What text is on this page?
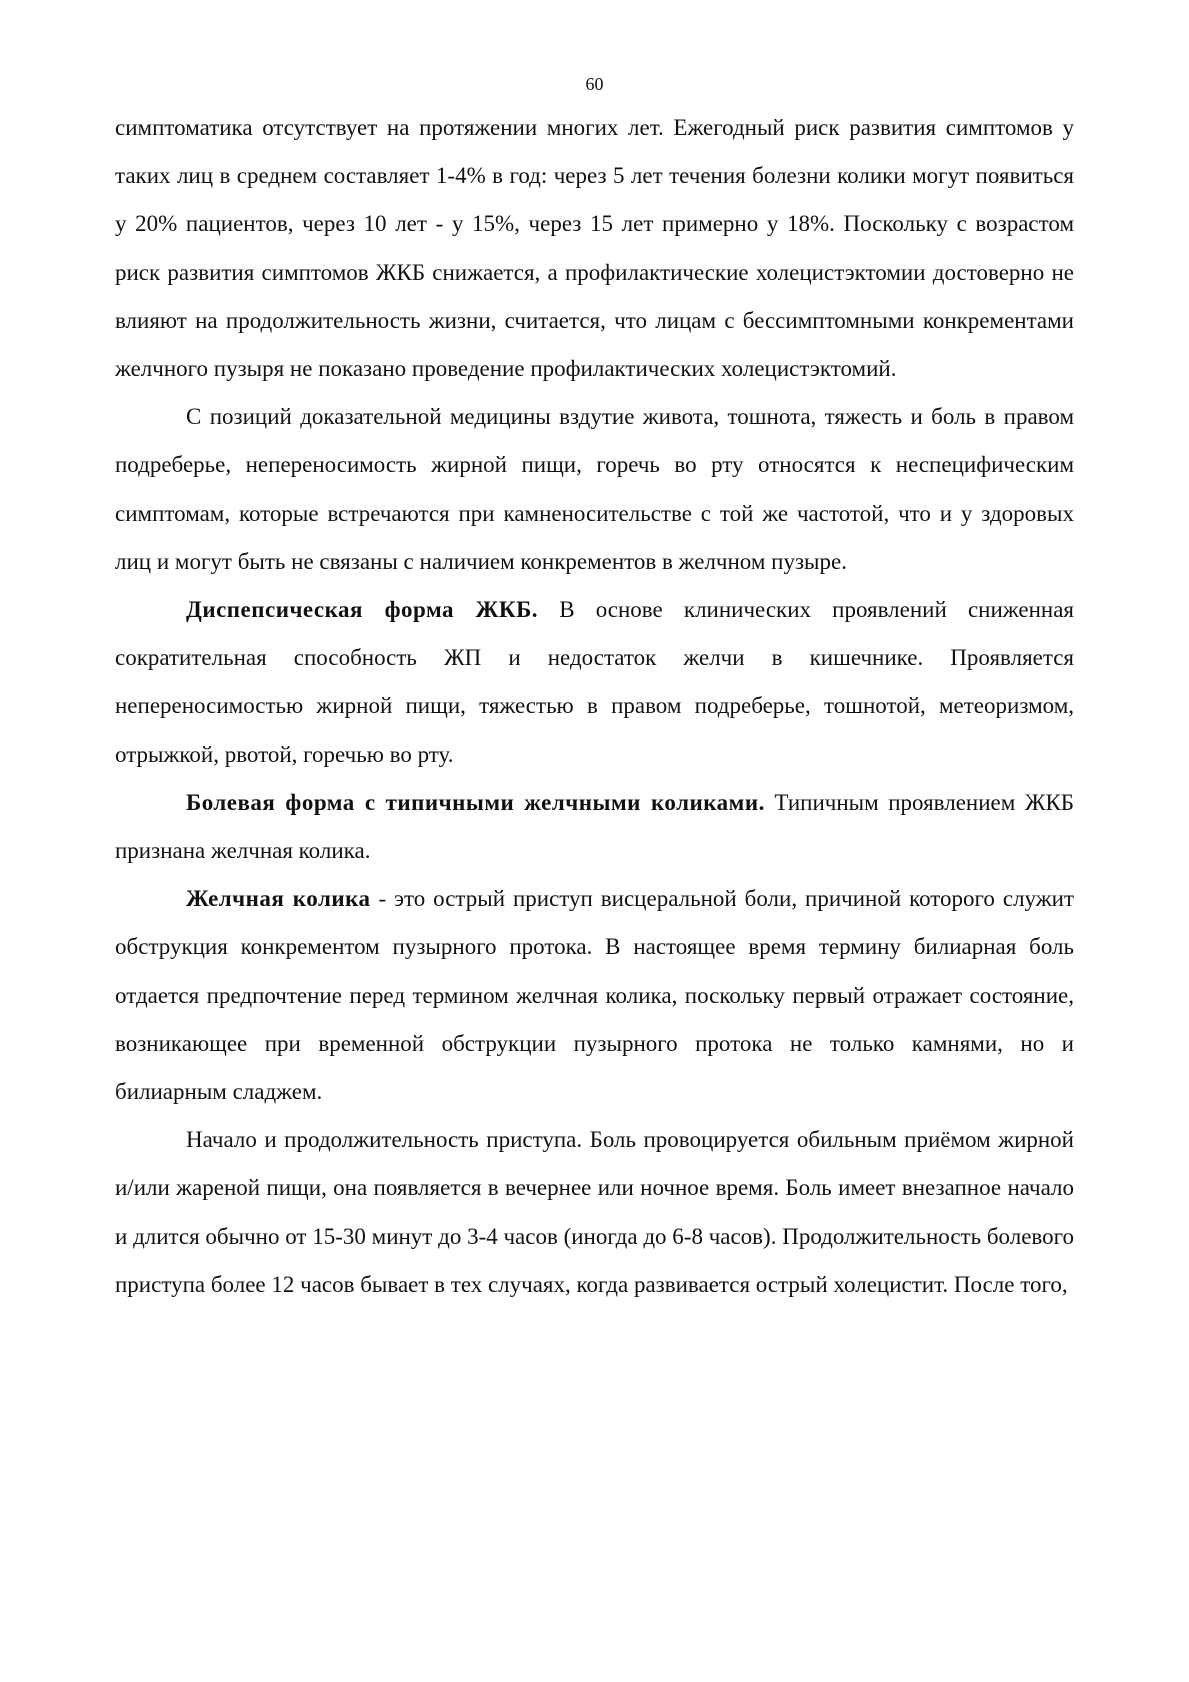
60

симптоматика отсутствует на протяжении многих лет. Ежегодный риск развития симптомов у таких лиц в среднем составляет 1-4% в год: через 5 лет течения болезни колики могут появиться у 20% пациентов, через 10 лет - у 15%, через 15 лет примерно у 18%. Поскольку с возрастом риск развития симптомов ЖКБ снижается, а профилактические холецистэктомии достоверно не влияют на продолжительность жизни, считается, что лицам с бессимптомными конкрементами желчного пузыря не показано проведение профилактических холецистэктомий.

С позиций доказательной медицины вздутие живота, тошнота, тяжесть и боль в правом подреберье, непереносимость жирной пищи, горечь во рту относятся к неспецифическим симптомам, которые встречаются при камненосительстве с той же частотой, что и у здоровых лиц и могут быть не связаны с наличием конкрементов в желчном пузыре.

Диспепсическая форма ЖКБ. В основе клинических проявлений сниженная сократительная способность ЖП и недостаток желчи в кишечнике. Проявляется непереносимостью жирной пищи, тяжестью в правом подреберье, тошнотой, метеоризмом, отрыжкой, рвотой, горечью во рту.

Болевая форма с типичными желчными коликами. Типичным проявлением ЖКБ признана желчная колика.

Желчная колика - это острый приступ висцеральной боли, причиной которого служит обструкция конкрементом пузырного протока. В настоящее время термину билиарная боль отдается предпочтение перед термином желчная колика, поскольку первый отражает состояние, возникающее при временной обструкции пузырного протока не только камнями, но и билиарным сладжем.

Начало и продолжительность приступа. Боль провоцируется обильным приёмом жирной и/или жареной пищи, она появляется в вечернее или ночное время. Боль имеет внезапное начало и длится обычно от 15-30 минут до 3-4 часов (иногда до 6-8 часов). Продолжительность болевого приступа более 12 часов бывает в тех случаях, когда развивается острый холецистит. После того,
